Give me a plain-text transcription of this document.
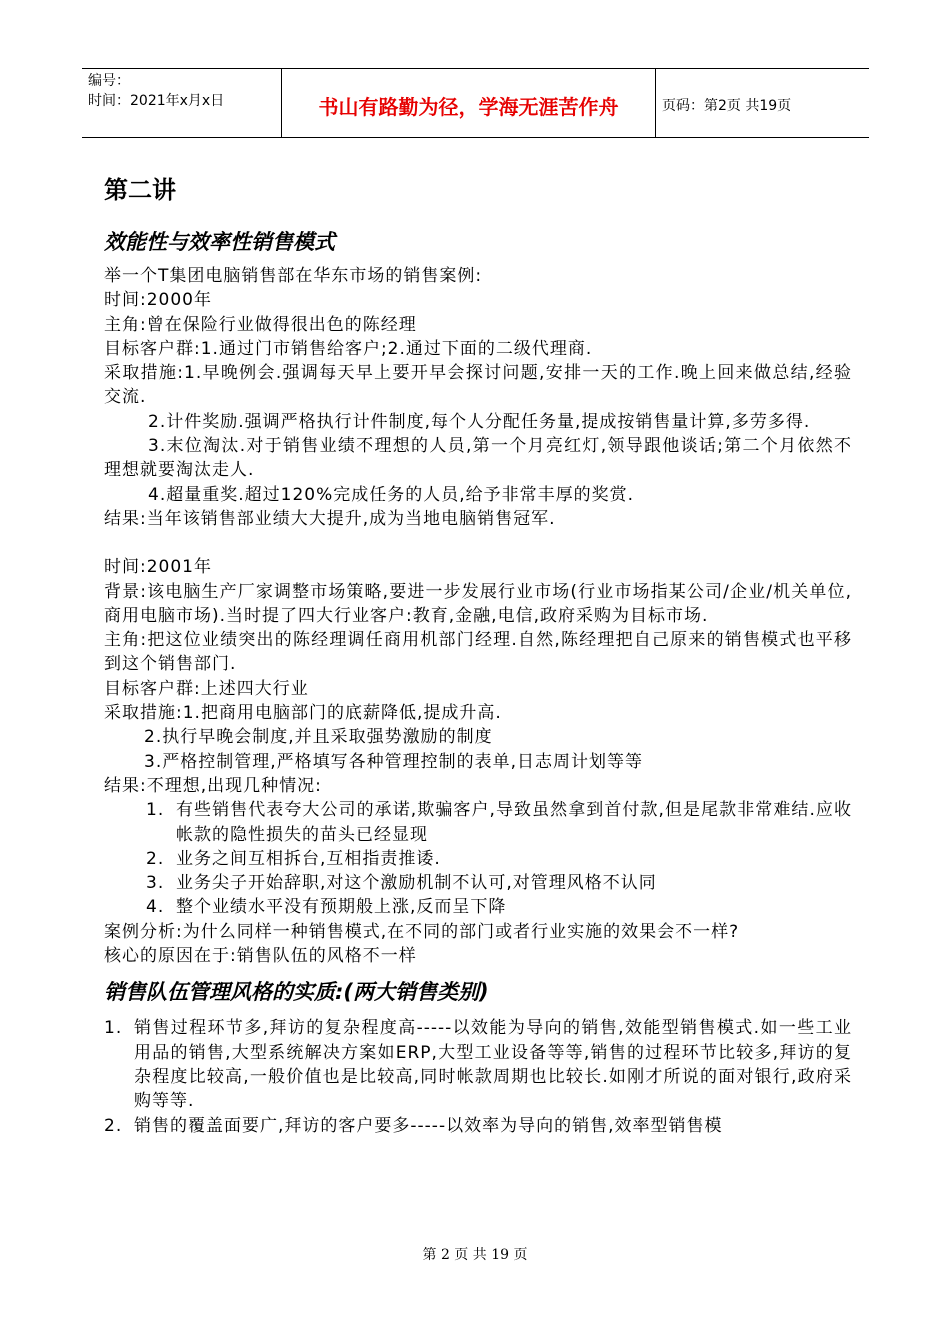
编号：
时间：2021年x月x日	书山有路勤为径，学海无涯苦作舟	页码：第2页 共19页
第二讲
效能性与效率性销售模式

举一个T集团电脑销售部在华东市场的销售案例:

时间:2000年

主角:曾在保险行业做得很出色的陈经理

目标客户群:1.通过门市销售给客户;2.通过下面的二级代理商.

采取措施:1.早晚例会.强调每天早上要开早会探讨问题,安排一天的工作.晚上回来做总结,经验交流.

2.计件奖励.强调严格执行计件制度,每个人分配任务量,提成按销售量计算,多劳多得.

3.末位淘汰.对于销售业绩不理想的人员,第一个月亮红灯,领导跟他谈话;第二个月依然不理想就要淘汰走人.

4.超量重奖.超过120%完成任务的人员,给予非常丰厚的奖赏.

结果:当年该销售部业绩大大提升,成为当地电脑销售冠军.

时间:2001年

背景:该电脑生产厂家调整市场策略,要进一步发展行业市场(行业市场指某公司/企业/机关单位,商用电脑市场).当时提了四大行业客户:教育,金融,电信,政府采购为目标市场.

主角:把这位业绩突出的陈经理调任商用机部门经理.自然,陈经理把自己原来的销售模式也平移到这个销售部门.

目标客户群:上述四大行业

采取措施:1.把商用电脑部门的底薪降低,提成升高.

2.执行早晚会制度,并且采取强势激励的制度

3.严格控制管理,严格填写各种管理控制的表单,日志周计划等等

结果:不理想,出现几种情况:

1. 有些销售代表夸大公司的承诺,欺骗客户,导致虽然拿到首付款,但是尾款非常难结.应收帐款的隐性损失的苗头已经显现
2. 业务之间互相拆台,互相指责推诿.
3. 业务尖子开始辞职,对这个激励机制不认可,对管理风格不认同
4. 整个业绩水平没有预期般上涨,反而呈下降

案例分析:为什么同样一种销售模式,在不同的部门或者行业实施的效果会不一样?

核心的原因在于:销售队伍的风格不一样

销售队伍管理风格的实质:(两大销售类别)
1. 销售过程环节多,拜访的复杂程度高-----以效能为导向的销售,效能型销售模式.如一些工业用品的销售,大型系统解决方案如ERP,大型工业设备等等,销售的过程环节比较多,拜访的复杂程度比较高,一般价值也是比较高,同时帐款周期也比较长.如刚才所说的面对银行,政府采购等等.
2. 销售的覆盖面要广,拜访的客户要多-----以效率为导向的销售,效率型销售模
第 2 页 共 19 页
